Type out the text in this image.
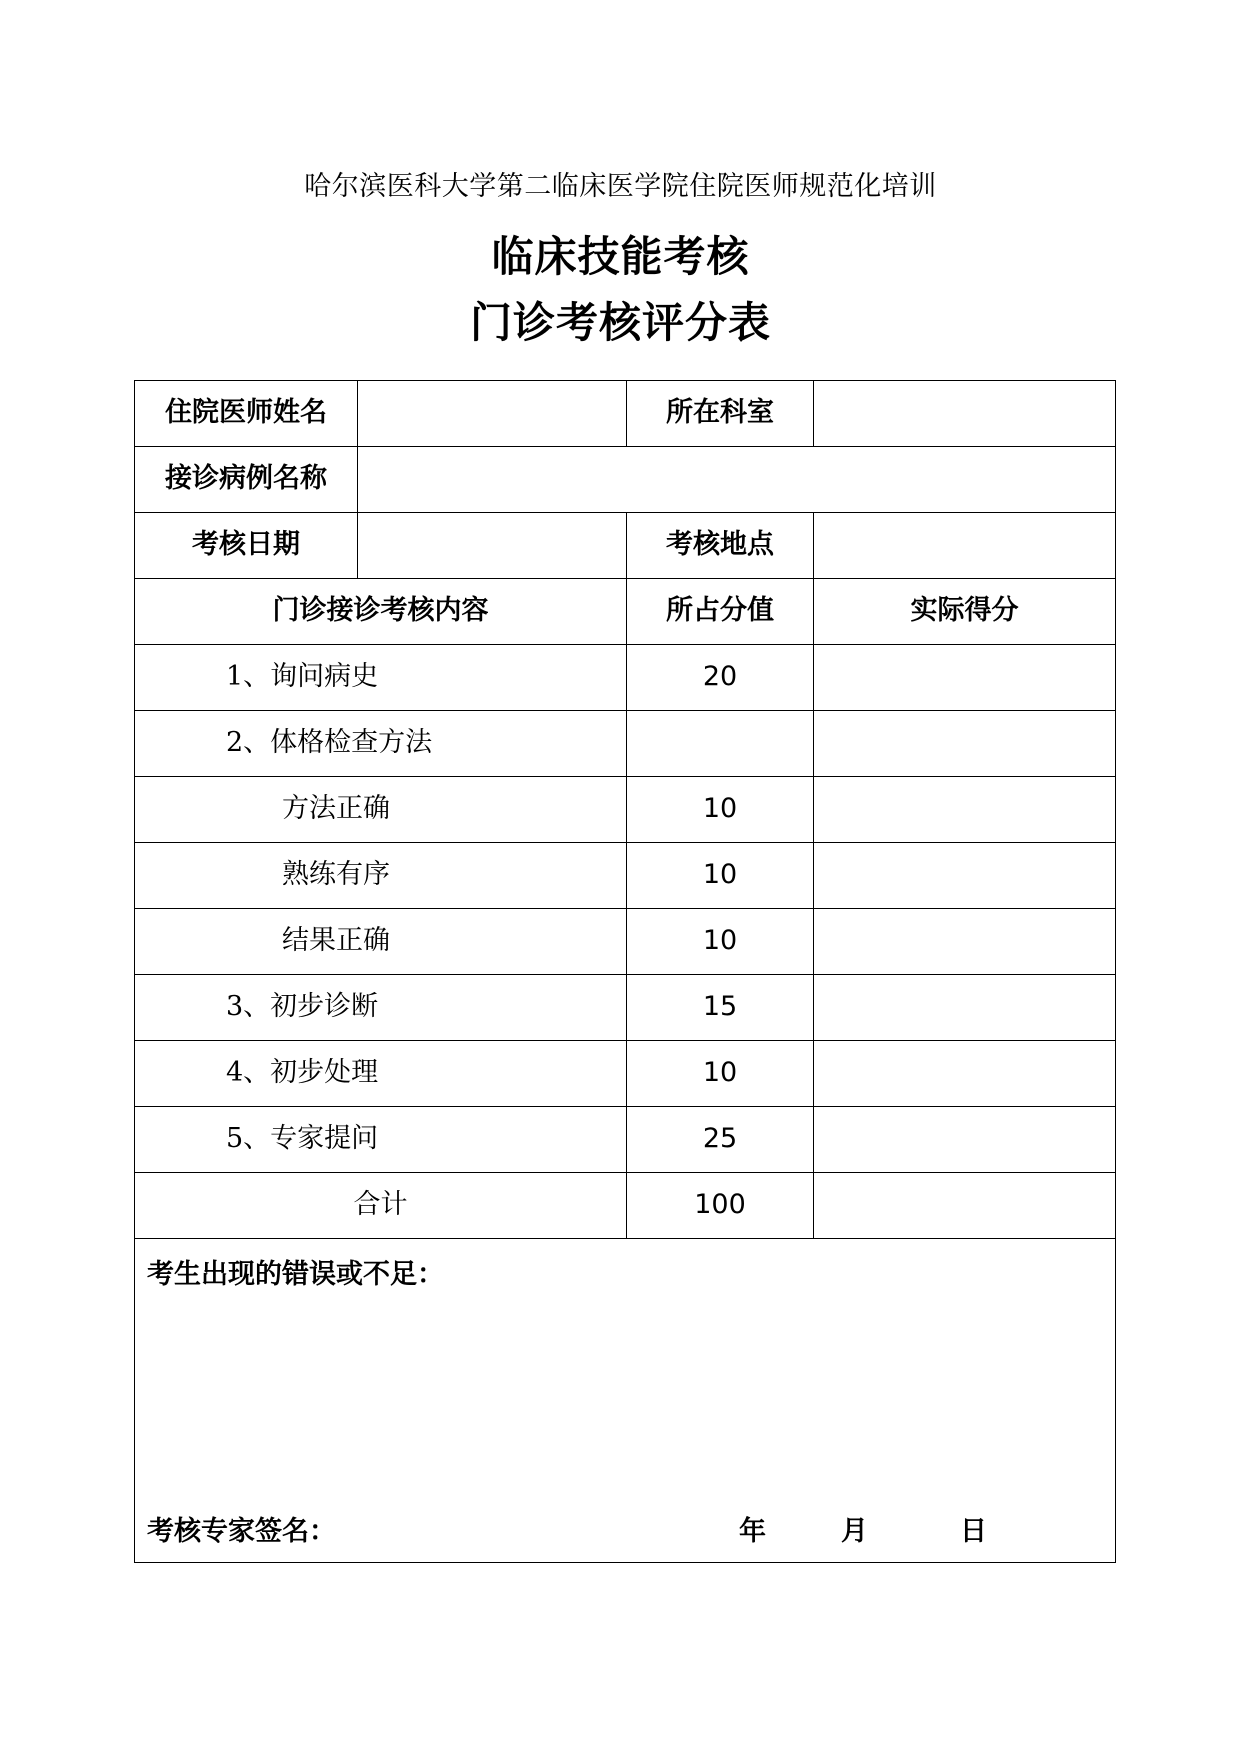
哈尔滨医科大学第二临床医学院住院医师规范化培训
临床技能考核
门诊考核评分表
住院医师姓名		所在科室	
接诊病例名称			
考核日期		考核地点	
门诊接诊考核内容		所占分值	实际得分
1、询问病史		20	
2、体格检查方法			
方法正确		10	
熟练有序		10	
结果正确		10	
3、初步诊断		15	
4、初步处理		10	
5、专家提问		25	
合计		100	

考生出现的错误或不足：
考核专家签名： 年 月 日			
